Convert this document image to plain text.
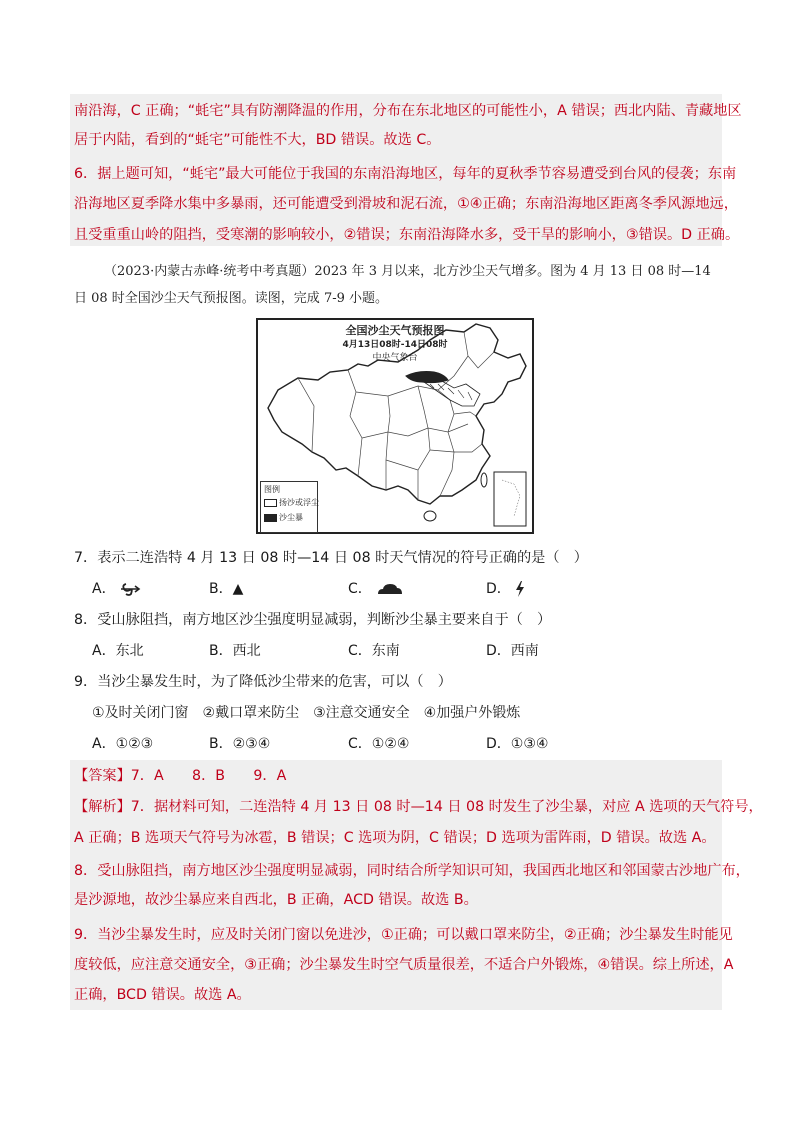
南沿海，C 正确；“蚝宅”具有防潮降温的作用，分布在东北地区的可能性小，A 错误；西北内陆、青藏地区
居于内陆，看到的“蚝宅”可能性不大，BD 错误。故选 C。
6．据上题可知，“蚝宅”最大可能位于我国的东南沿海地区，每年的夏秋季节容易遭受到台风的侵袭；东南
沿海地区夏季降水集中多暴雨，还可能遭受到滑坡和泥石流，①④正确；东南沿海地区距离冬季风源地远，
且受重重山岭的阻挡，受寒潮的影响较小，②错误；东南沿海降水多，受干旱的影响小，③错误。D 正确。
（2023·内蒙古赤峰·统考中考真题）2023 年 3 月以来，北方沙尘天气增多。图为 4 月 13 日 08 时—14
日 08 时全国沙尘天气预报图。读图，完成 7-9 小题。
全国沙尘天气预报图
4月13日08时-14日08时
中央气象台
图例
扬沙或浮尘
沙尘暴
7．表示二连浩特 4 月 13 日 08 时—14 日 08 时天气情况的符号正确的是（　）
A．	B．▲	C．	D．
8．受山脉阻挡，南方地区沙尘强度明显减弱，判断沙尘暴主要来自于（　）
A．东北	B．西北	C．东南	D．西南
9．当沙尘暴发生时，为了降低沙尘带来的危害，可以（　）
①及时关闭门窗　②戴口罩来防尘　③注意交通安全　④加强户外锻炼
A．①②③	B．②③④	C．①②④	D．①③④
【答案】7．A　　8．B　　9．A
【解析】7．据材料可知，二连浩特 4 月 13 日 08 时—14 日 08 时发生了沙尘暴，对应 A 选项的天气符号，
A 正确；B 选项天气符号为冰雹，B 错误；C 选项为阴，C 错误；D 选项为雷阵雨，D 错误。故选 A。
8．受山脉阻挡，南方地区沙尘强度明显减弱，同时结合所学知识可知，我国西北地区和邻国蒙古沙地广布，
是沙源地，故沙尘暴应来自西北，B 正确，ACD 错误。故选 B。
9．当沙尘暴发生时，应及时关闭门窗以免进沙，①正确；可以戴口罩来防尘，②正确；沙尘暴发生时能见
度较低，应注意交通安全，③正确；沙尘暴发生时空气质量很差，不适合户外锻炼，④错误。综上所述，A
正确，BCD 错误。故选 A。
